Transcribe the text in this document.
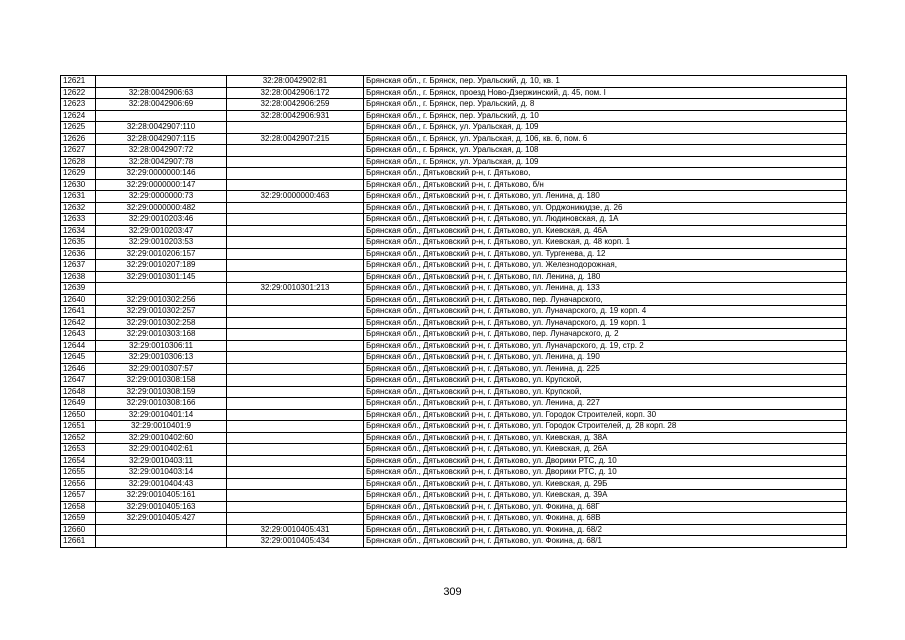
12621		32:28:0042902:81	Брянская обл., г. Брянск, пер. Уральский, д. 10, кв. 1
12622	32:28:0042906:63	32:28:0042906:172	Брянская обл., г. Брянск, проезд Ново-Дзержинский, д. 45, пом. I
12623	32:28:0042906:69	32:28:0042906:259	Брянская обл., г. Брянск, пер. Уральский, д. 8
12624		32:28:0042906:931	Брянская обл., г. Брянск, пер. Уральский, д. 10
12625	32:28:0042907:110		Брянская обл., г. Брянск, ул. Уральская, д. 109
12626	32:28:0042907:115	32:28:0042907:215	Брянская обл., г. Брянск, ул. Уральская, д. 106, кв. 6, пом. 6
12627	32:28:0042907:72		Брянская обл., г. Брянск, ул. Уральская, д. 108
12628	32:28:0042907:78		Брянская обл., г. Брянск, ул. Уральская, д. 109
12629	32:29:0000000:146		Брянская обл., Дятьковский р-н, г. Дятьково,
12630	32:29:0000000:147		Брянская обл., Дятьковский р-н, г. Дятьково, б/н
12631	32:29:0000000:73	32:29:0000000:463	Брянская обл., Дятьковский р-н, г. Дятьково, ул. Ленина, д. 180
12632	32:29:0000000:482		Брянская обл., Дятьковский р-н, г. Дятьково, ул. Орджоникидзе, д. 26
12633	32:29:0010203:46		Брянская обл., Дятьковский р-н, г. Дятьково, ул. Людиновская, д. 1А
12634	32:29:0010203:47		Брянская обл., Дятьковский р-н, г. Дятьково, ул. Киевская, д. 46А
12635	32:29:0010203:53		Брянская обл., Дятьковский р-н, г. Дятьково, ул. Киевская, д. 48 корп. 1
12636	32:29:0010206:157		Брянская обл., Дятьковский р-н, г. Дятьково, ул. Тургенева, д. 12
12637	32:29:0010207:189		Брянская обл., Дятьковский р-н, г. Дятьково, ул. Железнодорожная,
12638	32:29:0010301:145		Брянская обл., Дятьковский р-н, г. Дятьково, пл. Ленина, д. 180
12639		32:29:0010301:213	Брянская обл., Дятьковский р-н, г. Дятьково, ул. Ленина, д. 133
12640	32:29:0010302:256		Брянская обл., Дятьковский р-н, г. Дятьково, пер. Луначарского,
12641	32:29:0010302:257		Брянская обл., Дятьковский р-н, г. Дятьково, ул. Луначарского, д. 19 корп. 4
12642	32:29:0010302:258		Брянская обл., Дятьковский р-н, г. Дятьково, ул. Луначарского, д. 19 корп. 1
12643	32:29:0010303:168		Брянская обл., Дятьковский р-н, г. Дятьково, пер. Луначарского, д. 2
12644	32:29:0010306:11		Брянская обл., Дятьковский р-н, г. Дятьково, ул. Луначарского, д. 19, стр. 2
12645	32:29:0010306:13		Брянская обл., Дятьковский р-н, г. Дятьково, ул. Ленина, д. 190
12646	32:29:0010307:57		Брянская обл., Дятьковский р-н, г. Дятьково, ул. Ленина, д. 225
12647	32:29:0010308:158		Брянская обл., Дятьковский р-н, г. Дятьково, ул. Крупской,
12648	32:29:0010308:159		Брянская обл., Дятьковский р-н, г. Дятьково, ул. Крупской,
12649	32:29:0010308:166		Брянская обл., Дятьковский р-н, г. Дятьково, ул. Ленина, д. 227
12650	32:29:0010401:14		Брянская обл., Дятьковский р-н, г. Дятьково, ул. Городок Строителей, корп. 30
12651	32:29:0010401:9		Брянская обл., Дятьковский р-н, г. Дятьково, ул. Городок Строителей, д. 28 корп. 28
12652	32:29:0010402:60		Брянская обл., Дятьковский р-н, г. Дятьково, ул. Киевская, д. 38А
12653	32:29:0010402:61		Брянская обл., Дятьковский р-н, г. Дятьково, ул. Киевская, д. 26А
12654	32:29:0010403:11		Брянская обл., Дятьковский р-н, г. Дятьково, ул. Дворики РТС, д. 10
12655	32:29:0010403:14		Брянская обл., Дятьковский р-н, г. Дятьково, ул. Дворики РТС, д. 10
12656	32:29:0010404:43		Брянская обл., Дятьковский р-н, г. Дятьково, ул. Киевская, д. 29Б
12657	32:29:0010405:161		Брянская обл., Дятьковский р-н, г. Дятьково, ул. Киевская, д. 39А
12658	32:29:0010405:163		Брянская обл., Дятьковский р-н, г. Дятьково, ул. Фокина, д. 68Г
12659	32:29:0010405:427		Брянская обл., Дятьковский р-н, г. Дятьково, ул. Фокина, д. 68В
12660		32:29:0010405:431	Брянская обл., Дятьковский р-н, г. Дятьково, ул. Фокина, д. 68/2
12661		32:29:0010405:434	Брянская обл., Дятьковский р-н, г. Дятьково, ул. Фокина, д. 68/1
309
